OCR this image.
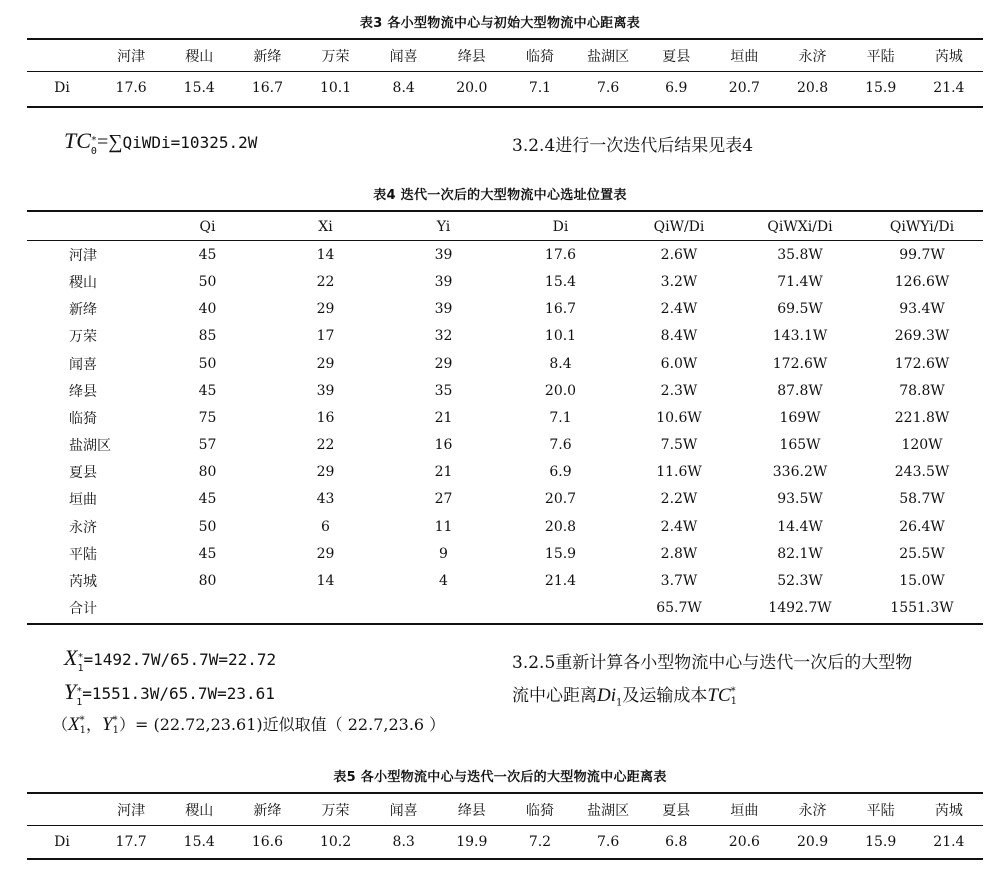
表3 各小型物流中心与初始大型物流中心距离表
	河津	稷山	新绛	万荣	闻喜	绛县	临猗	盐湖区	夏县	垣曲	永济	平陆	芮城

Di	17.6	15.4	16.7	10.1	8.4	20.0	7.1	7.6	6.9	20.7	20.8	15.9	21.4
TC *
0 =∑QiWDi=10325.2W	3.2.4进行一次迭代后结果见表4
表4 迭代一次后的大型物流中心选址位置表
	Qi	Xi	Yi	Di	QiW/Di	QiWXi/Di	QiWYi/Di

河津	45	14	39	17.6	2.6W	35.8W	99.7W
稷山	50	22	39	15.4	3.2W	71.4W	126.6W
新绛	40	29	39	16.7	2.4W	69.5W	93.4W
万荣	85	17	32	10.1	8.4W	143.1W	269.3W
闻喜	50	29	29	8.4	6.0W	172.6W	172.6W
绛县	45	39	35	20.0	2.3W	87.8W	78.8W
临猗	75	16	21	7.1	10.6W	169W	221.8W
盐湖区	57	22	16	7.6	7.5W	165W	120W
夏县	80	29	21	6.9	11.6W	336.2W	243.5W
垣曲	45	43	27	20.7	2.2W	93.5W	58.7W
永济	50	6	11	20.8	2.4W	14.4W	26.4W
平陆	45	29	9	15.9	2.8W	82.1W	25.5W
芮城	80	14	4	21.4	3.7W	52.3W	15.0W
合计					65.7W	1492.7W	1551.3W
X *
1 =1492.7W/65.7W=22.72
Y *
1 =1551.3W/65.7W=23.61
（X *
1 ，Y *
1 ）= (22.72,23.61)近似取值（ 22.7,23.6 ）
3.2.5重新计算各小型物流中心与迭代一次后的大型物
流中心距离$Di_1$及运输成本TC *
1
表5 各小型物流中心与迭代一次后的大型物流中心距离表
	河津	稷山	新绛	万荣	闻喜	绛县	临猗	盐湖区	夏县	垣曲	永济	平陆	芮城

Di	17.7	15.4	16.6	10.2	8.3	19.9	7.2	7.6	6.8	20.6	20.9	15.9	21.4
